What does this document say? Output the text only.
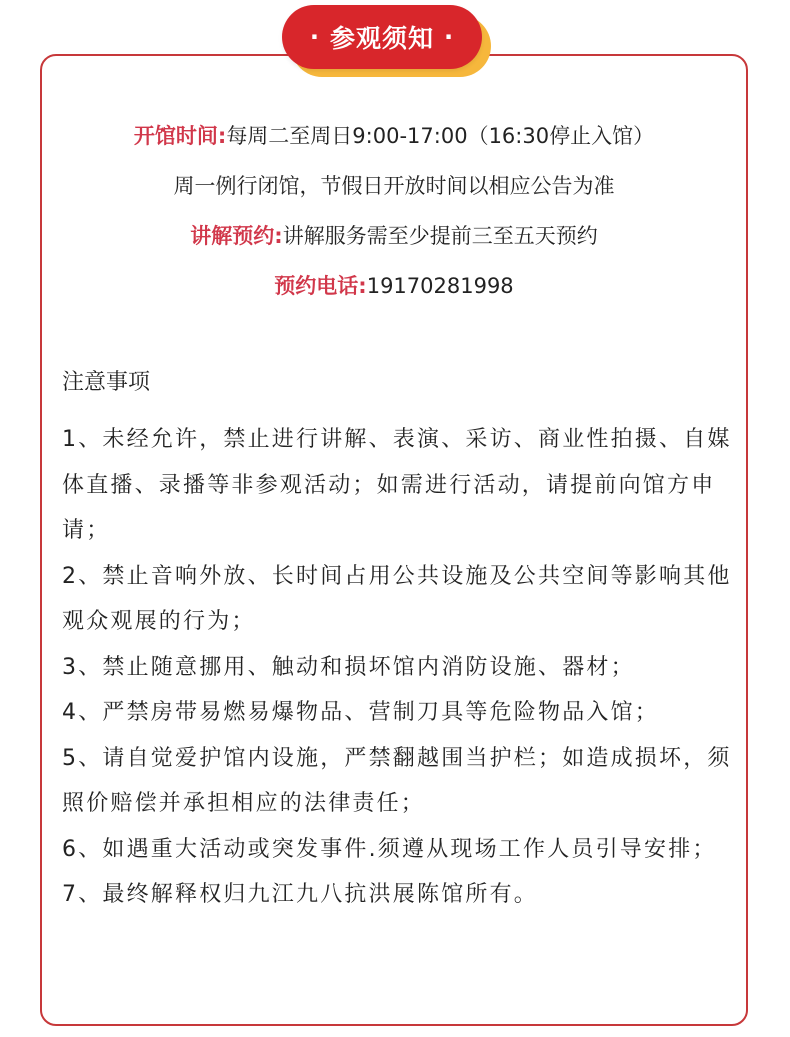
· 参观须知 ·
开馆时间:每周二至周日9:00-17:00（16:30停止入馆）
周一例行闭馆，节假日开放时间以相应公告为准
讲解预约:讲解服务需至少提前三至五天预约
预约电话:19170281998
注意事项
1、未经允许，禁止进行讲解、表演、采访、商业性拍摄、自媒体直播、录播等非参观活动；如需进行活动，请提前向馆方申请；
2、禁止音响外放、长时间占用公共设施及公共空间等影响其他观众观展的行为；
3、禁止随意挪用、触动和损坏馆内消防设施、器材；
4、严禁房带易燃易爆物品、营制刀具等危险物品入馆；
5、请自觉爱护馆内设施，严禁翻越围当护栏；如造成损坏，须照价赔偿并承担相应的法律责任；
6、如遇重大活动或突发事件.须遵从现场工作人员引导安排；
7、最终解释权归九江九八抗洪展陈馆所有。
